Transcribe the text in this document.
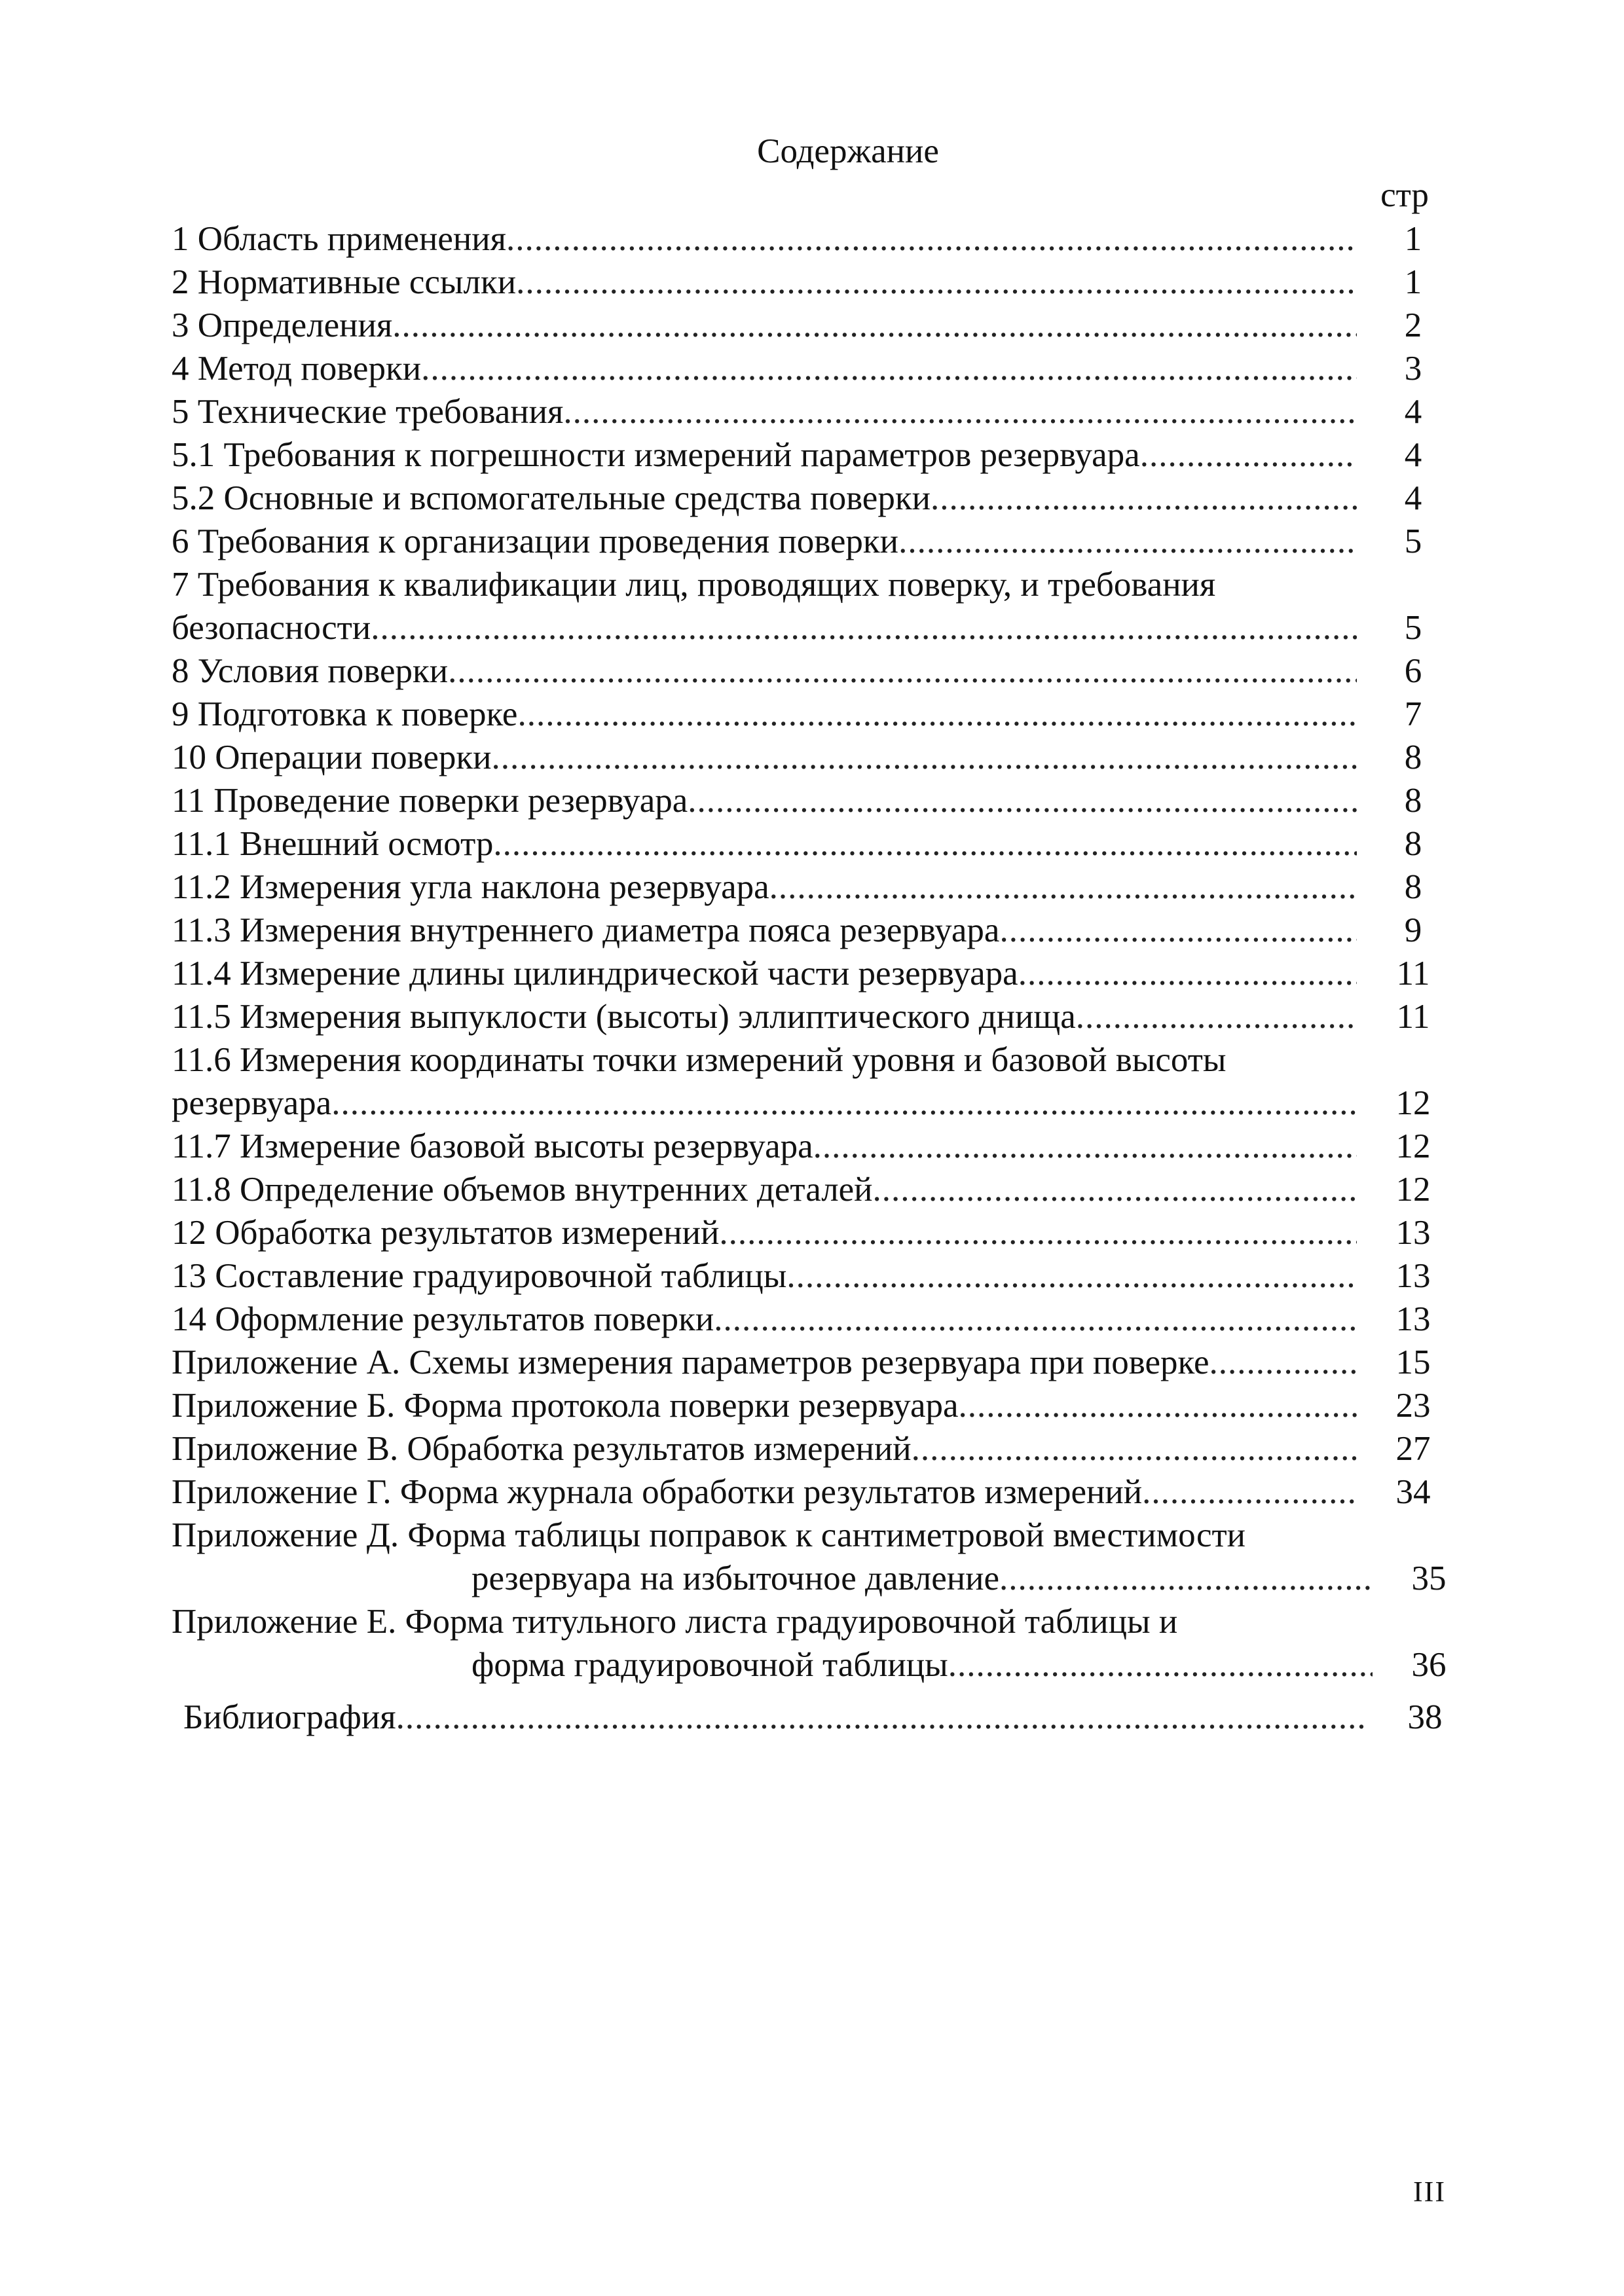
Содержание
стр
1 Область применения .....	1
2 Нормативные ссылки .....	1
3 Определения .....	2
4 Метод поверки .....	3
5 Технические требования .....	4
5.1 Требования к погрешности измерений параметров резервуара .....	4
5.2 Основные и вспомогательные средства поверки .....	4
6 Требования к организации проведения поверки .....	5
7 Требования к квалификации лиц, проводящих поверку, и требования
безопасности .....	5
8 Условия поверки .....	6
9 Подготовка к поверке .....	7
10 Операции поверки .....	8
11 Проведение поверки резервуара .....	8
11.1 Внешний осмотр .....	8
11.2 Измерения угла наклона резервуара .....	8
11.3 Измерения внутреннего диаметра пояса резервуара .....	9
11.4 Измерение длины цилиндрической части резервуара .....	11
11.5 Измерения выпуклости (высоты) эллиптического днища .....	11
11.6 Измерения координаты точки измерений уровня и базовой высоты
резервуара .....	12
11.7 Измерение базовой высоты резервуара .....	12
11.8 Определение объемов внутренних деталей .....	12
12 Обработка результатов измерений .....	13
13 Составление градуировочной таблицы .....	13
14 Оформление результатов поверки .....	13
Приложение А. Схемы измерения параметров резервуара при поверке .....	15
Приложение Б. Форма протокола поверки резервуара .....	23
Приложение В. Обработка результатов измерений .....	27
Приложение Г. Форма журнала обработки результатов измерений .....	34
Приложение Д. Форма таблицы поправок к сантиметровой вместимости
резервуара на избыточное давление .....	35
Приложение Е. Форма титульного листа градуировочной таблицы и
форма градуировочной таблицы .....	36
Библиография .....	38
III
